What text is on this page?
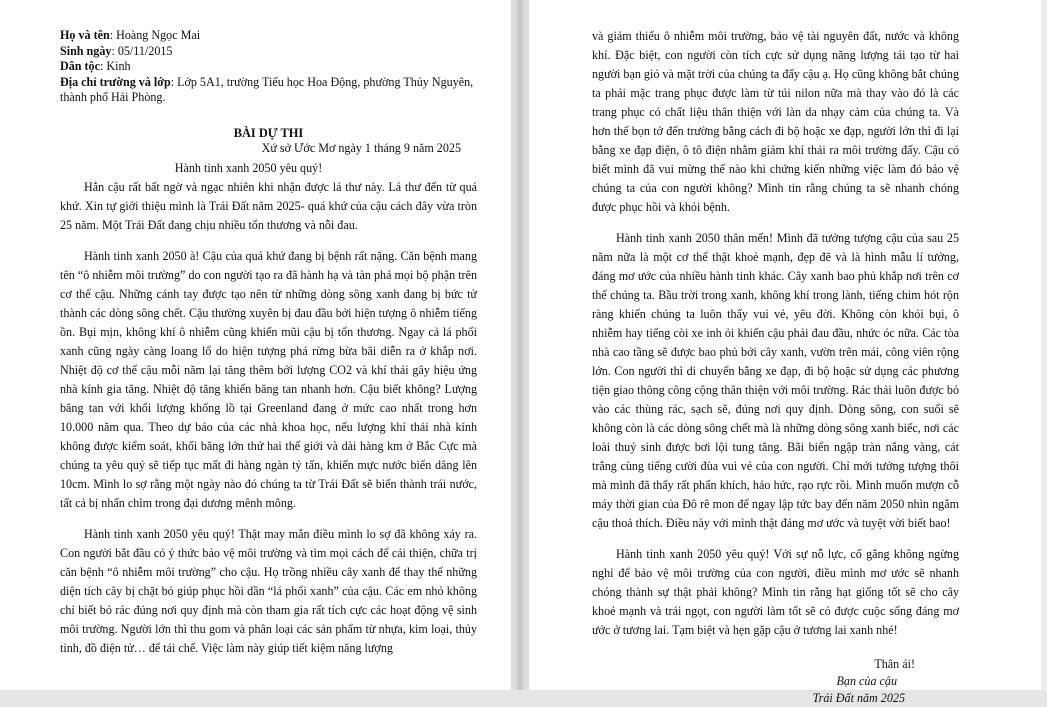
Họ và tên: Hoàng Ngọc Mai
Sinh ngày: 05/11/2015
Dân tộc: Kinh
Địa chỉ trường và lớp: Lớp 5A1, trường Tiểu học Hoa Động, phường Thủy Nguyên, thành phố Hải Phòng.
BÀI DỰ THI
Xứ sở Ước Mơ ngày 1 tháng 9 năm 2025
Hành tinh xanh 2050 yêu quý!

Hẳn cậu rất bất ngờ và ngạc nhiên khi nhận được lá thư này. Lá thư đến từ quá khứ. Xin tự giới thiệu mình là Trái Đất năm 2025- quá khứ của cậu cách đây vừa tròn 25 năm. Một Trái Đất đang chịu nhiều tổn thương và nỗi đau.

Hành tinh xanh 2050 à! Cậu của quá khứ đang bị bệnh rất nặng. Căn bệnh mang tên “ô nhiễm môi trường” do con người tạo ra đã hành hạ và tàn phá mọi bộ phận trên cơ thể cậu. Những cánh tay được tạo nên từ những dòng sông xanh đang bị bức tử thành các dòng sông chết. Cậu thường xuyên bị đau đầu bởi hiện tượng ô nhiễm tiếng ồn. Bụi mịn, không khí ô nhiễm cũng khiến mũi cậu bị tổn thương. Ngay cả lá phổi xanh cũng ngày càng loang lổ do hiện tượng phá rừng bừa bãi diễn ra ở khắp nơi. Nhiệt độ cơ thể cậu mỗi năm lại tăng thêm bởi lượng CO2 và khí thải gây hiệu ứng nhà kính gia tăng. Nhiệt độ tăng khiến băng tan nhanh hơn. Cậu biết không? Lượng băng tan với khối lượng khổng lồ tại Greenland đang ở mức cao nhất trong hơn 10.000 năm qua. Theo dự báo của các nhà khoa học, nếu lượng khí thải nhà kính không được kiểm soát, khối băng lớn thứ hai thế giới và dài hàng km ở Bắc Cực mà chúng ta yêu quý sẽ tiếp tục mất đi hàng ngàn tỷ tấn, khiến mực nước biển dâng lên 10cm. Mình lo sợ rằng một ngày nào đó chúng ta từ Trái Đất sẽ biến thành trái nước, tất cả bị nhấn chìm trong đại dương mênh mông.

Hành tinh xanh 2050 yêu quý! Thật may mắn điều mình lo sợ đã không xảy ra. Con người bắt đầu có ý thức bảo vệ môi trường và tìm mọi cách để cải thiện, chữa trị căn bệnh “ô nhiễm môi trường” cho cậu. Họ trồng nhiều cây xanh để thay thế những diện tích cây bị chặt bỏ giúp phục hồi dần “lá phổi xanh” của cậu. Các em nhỏ không chỉ biết bỏ rác đúng nơi quy định mà còn tham gia rất tích cực các hoạt động vệ sinh môi trường. Người lớn thì thu gom và phân loại các sản phẩm từ nhựa, kim loại, thủy tinh, đồ điện tử… để tái chế. Việc làm này giúp tiết kiệm năng lượng

và giảm thiểu ô nhiễm môi trường, bảo vệ tài nguyên đất, nước và không khí. Đặc biệt, con người còn tích cực sử dụng năng lượng tái tạo từ hai người bạn gió và mặt trời của chúng ta đấy cậu ạ. Họ cũng không bắt chúng ta phải mặc trang phục được làm từ túi nilon nữa mà thay vào đó là các trang phục có chất liệu thân thiện với làn da nhạy cảm của chúng ta. Và hơn thế bọn tớ đến trường bằng cách đi bộ hoặc xe đạp, người lớn thì đi lại bằng xe đạp điện, ô tô điện nhằm giảm khí thải ra môi trường đấy. Cậu có biết mình đã vui mừng thế nào khi chứng kiến những việc làm đó bảo vệ chúng ta của con người không? Mình tin rằng chúng ta sẽ nhanh chóng được phục hồi và khỏi bệnh.

Hành tinh xanh 2050 thân mến! Mình đã tưởng tượng cậu của sau 25 năm nữa là một cơ thể thật khoẻ mạnh, đẹp đẽ và là hình mẫu lí tưởng, đáng mơ ước của nhiều hành tinh khác. Cây xanh bao phủ khắp nơi trên cơ thể chúng ta. Bầu trời trong xanh, không khí trong lành, tiếng chim hót rộn ràng khiến chúng ta luôn thấy vui vẻ, yêu đời. Không còn khói bụi, ô nhiễm hay tiếng còi xe inh ỏi khiến cậu phải đau đầu, nhức óc nữa. Các tòa nhà cao tầng sẽ được bao phủ bởi cây xanh, vườn trên mái, công viên rộng lớn. Con người thì di chuyển bằng xe đạp, đi bộ hoặc sử dụng các phương tiện giao thông công cộng thân thiện với môi trường. Rác thải luôn được bỏ vào các thùng rác, sạch sẽ, đúng nơi quy định. Dòng sông, con suối sẽ không còn là các dòng sông chết mà là những dòng sông xanh biếc, nơi các loài thuỷ sinh được bơi lội tung tăng. Bãi biển ngập tràn nắng vàng, cát trắng cùng tiếng cười đùa vui vẻ của con người. Chỉ mới tưởng tượng thôi mà mình đã thấy rất phấn khích, háo hức, rạo rực rồi. Mình muốn mượn cỗ máy thời gian của Đô rê mon để ngay lập tức bay đến năm 2050 nhìn ngắm cậu thoả thích. Điều này với mình thật đáng mơ ước và tuyệt vời biết bao!

Hành tinh xanh 2050 yêu quý! Với sự nỗ lực, cố gắng không ngừng nghỉ để bảo vệ môi trường của con người, điều mình mơ ước sẽ nhanh chóng thành sự thật phải không? Mình tin rằng hạt giống tốt sẽ cho cây khoẻ mạnh và trái ngọt, con người làm tốt sẽ có được cuộc sống đáng mơ ước ở tương lai. Tạm biệt và hẹn gặp cậu ở tương lai xanh nhé!

Thân ái!
Bạn của cậu
Trái Đất năm 2025
